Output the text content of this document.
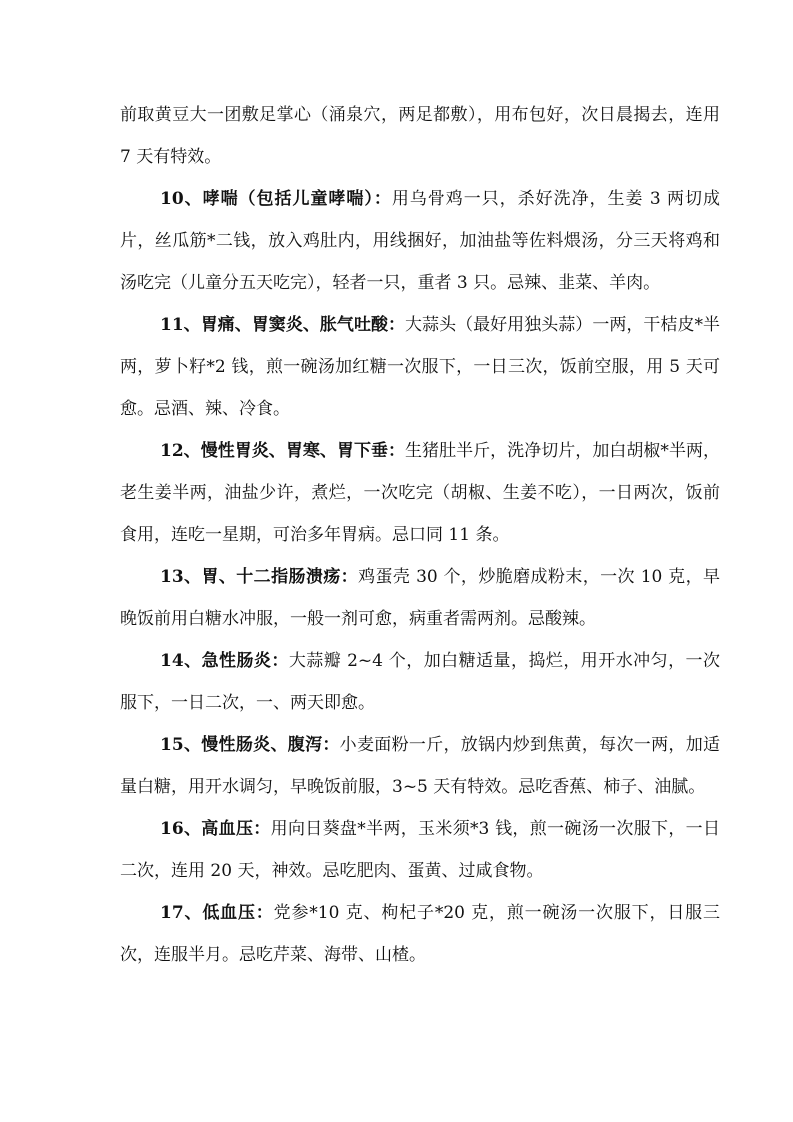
前取黄豆大一团敷足掌心（涌泉穴，两足都敷），用布包好，次日晨揭去，连用 7 天有特效。

10、哮喘（包括儿童哮喘）：用乌骨鸡一只，杀好洗净，生姜 3 两切成片，丝瓜筋*二钱，放入鸡肚内，用线捆好，加油盐等佐料煨汤，分三天将鸡和汤吃完（儿童分五天吃完），轻者一只，重者 3 只。忌辣、韭菜、羊肉。

11、胃痛、胃窦炎、胀气吐酸：大蒜头（最好用独头蒜）一两，干桔皮*半两，萝卜籽*2 钱，煎一碗汤加红糖一次服下，一日三次，饭前空服，用 5 天可愈。忌酒、辣、冷食。

12、慢性胃炎、胃寒、胃下垂：生猪肚半斤，洗净切片，加白胡椒*半两，老生姜半两，油盐少许，煮烂，一次吃完（胡椒、生姜不吃），一日两次，饭前食用，连吃一星期，可治多年胃病。忌口同 11 条。

13、胃、十二指肠溃疡：鸡蛋壳 30 个，炒脆磨成粉末，一次 10 克，早晚饭前用白糖水冲服，一般一剂可愈，病重者需两剂。忌酸辣。

14、急性肠炎：大蒜瓣 2~4 个，加白糖适量，捣烂，用开水冲匀，一次服下，一日二次，一、两天即愈。

15、慢性肠炎、腹泻：小麦面粉一斤，放锅内炒到焦黄，每次一两，加适量白糖，用开水调匀，早晚饭前服，3~5 天有特效。忌吃香蕉、柿子、油腻。

16、高血压：用向日葵盘*半两，玉米须*3 钱，煎一碗汤一次服下，一日二次，连用 20 天，神效。忌吃肥肉、蛋黄、过咸食物。

17、低血压：党参*10 克、枸杞子*20 克，煎一碗汤一次服下，日服三次，连服半月。忌吃芹菜、海带、山楂。
